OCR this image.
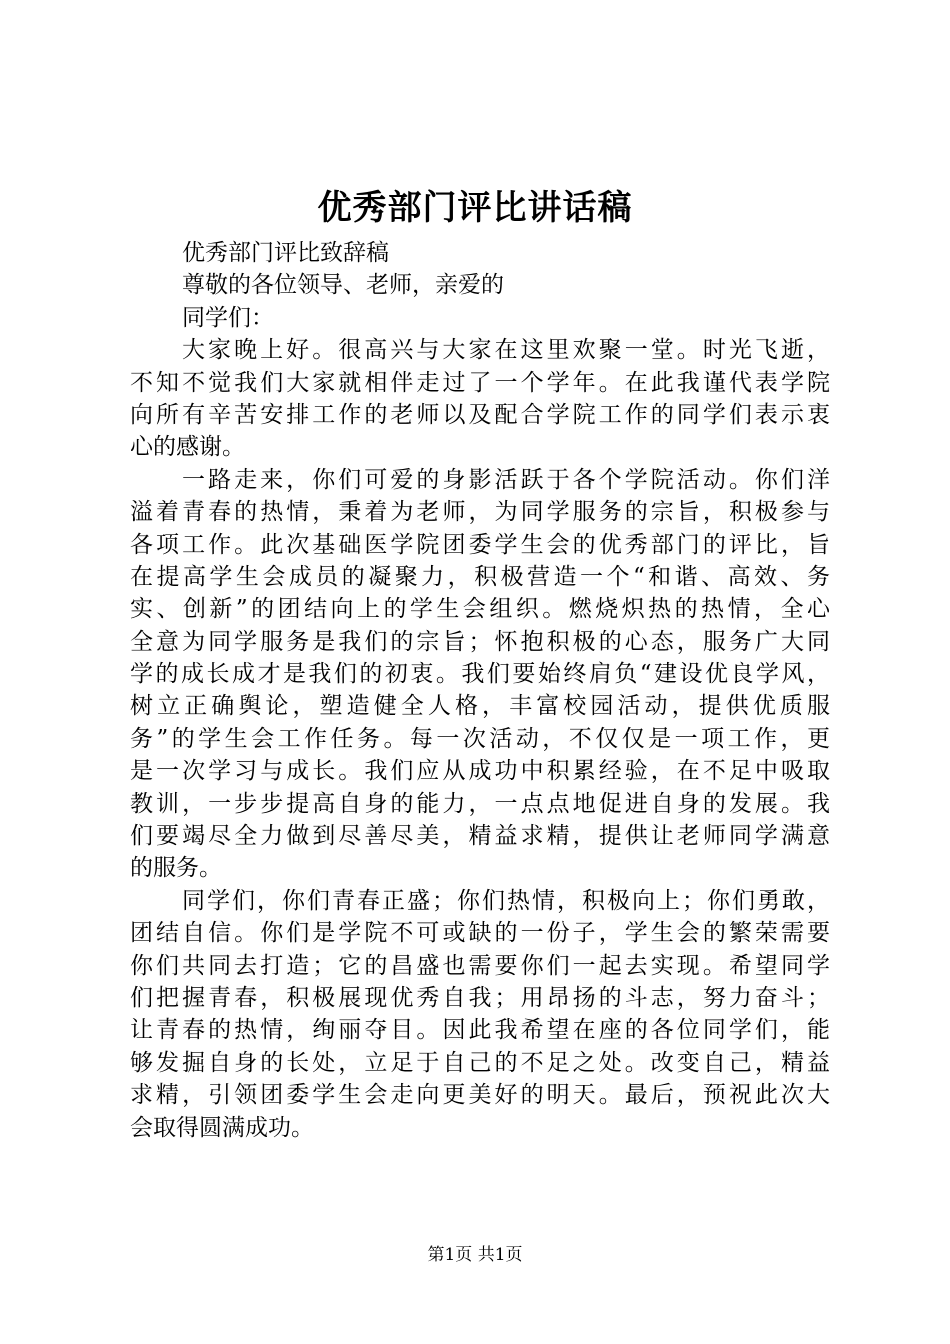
优秀部门评比讲话稿
优秀部门评比致辞稿
尊敬的各位领导、老师，亲爱的
同学们：
大家晚上好。很高兴与大家在这里欢聚一堂。时光飞逝，
不知不觉我们大家就相伴走过了一个学年。在此我谨代表学院
向所有辛苦安排工作的老师以及配合学院工作的同学们表示衷
心的感谢。
一路走来，你们可爱的身影活跃于各个学院活动。你们洋
溢着青春的热情，秉着为老师，为同学服务的宗旨，积极参与
各项工作。此次基础医学院团委学生会的优秀部门的评比，旨
在提高学生会成员的凝聚力，积极营造一个“和谐、高效、务
实、创新”的团结向上的学生会组织。燃烧炽热的热情，全心
全意为同学服务是我们的宗旨；怀抱积极的心态，服务广大同
学的成长成才是我们的初衷。我们要始终肩负“建设优良学风，
树立正确舆论，塑造健全人格，丰富校园活动，提供优质服
务”的学生会工作任务。每一次活动，不仅仅是一项工作，更
是一次学习与成长。我们应从成功中积累经验，在不足中吸取
教训，一步步提高自身的能力，一点点地促进自身的发展。我
们要竭尽全力做到尽善尽美，精益求精，提供让老师同学满意
的服务。
同学们，你们青春正盛；你们热情，积极向上；你们勇敢，
团结自信。你们是学院不可或缺的一份子，学生会的繁荣需要
你们共同去打造；它的昌盛也需要你们一起去实现。希望同学
们把握青春，积极展现优秀自我；用昂扬的斗志，努力奋斗；
让青春的热情，绚丽夺目。因此我希望在座的各位同学们，能
够发掘自身的长处，立足于自己的不足之处。改变自己，精益
求精，引领团委学生会走向更美好的明天。最后，预祝此次大
会取得圆满成功。
第1页 共1页
